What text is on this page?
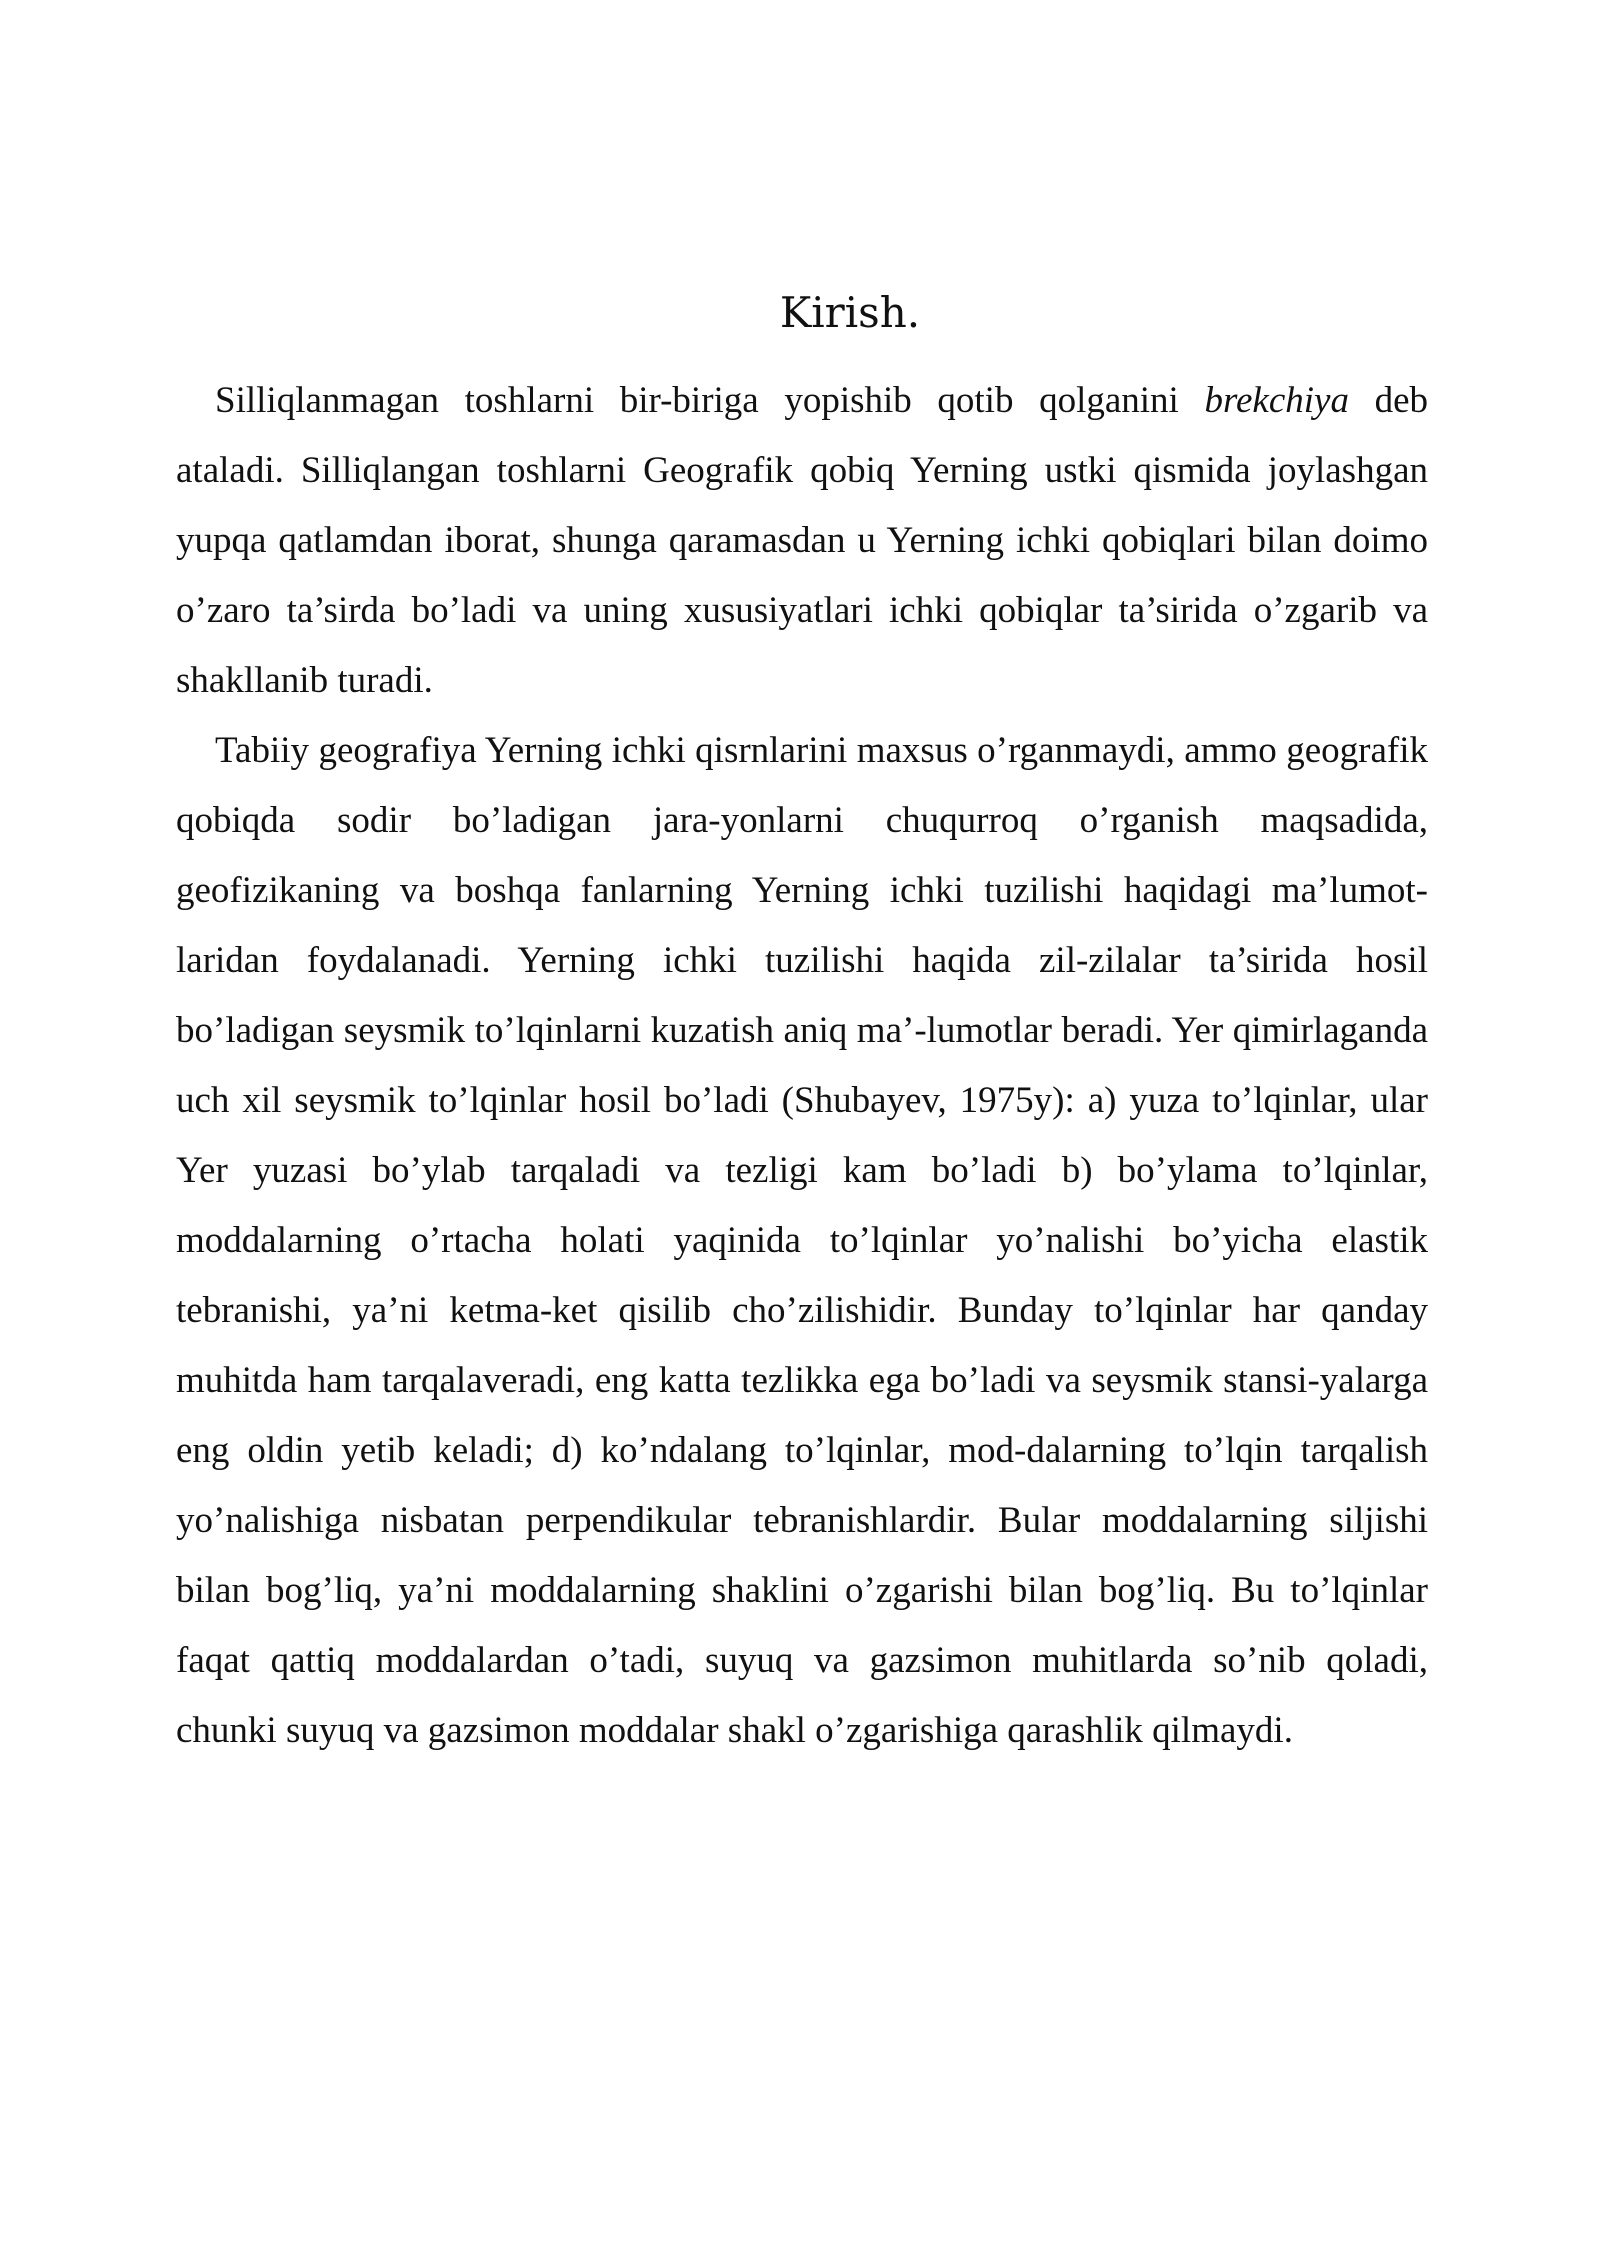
Kirish.

Silliqlanmagan toshlarni bir-biriga yopishib qotib qolganini brekchiya deb ataladi. Silliqlangan toshlarni Geografik qobiq Yerning ustki qismida joylashgan yupqa qatlamdan iborat, shunga qaramasdan u Yerning ichki qobiqlari bilan doimo o’zaro ta’sirda bo’ladi va uning xususiyatlari ichki qobiqlar ta’sirida o’zgarib va shakllanib turadi.

Tabiiy geografiya Yerning ichki qisrnlarini maxsus o’rganmaydi, ammo geografik qobiqda sodir bo’ladigan jara-yonlarni chuqurroq o’rganish maqsadida, geofizikaning va boshqa fanlarning Yerning ichki tuzilishi haqidagi ma’lumot-laridan foydalanadi. Yerning ichki tuzilishi haqida zil-zilalar ta’sirida hosil bo’ladigan seysmik to’lqinlarni kuzatish aniq ma’-lumotlar beradi. Yer qimirlaganda uch xil seysmik to’lqinlar hosil bo’ladi (Shubayev, 1975y): a) yuza to’lqinlar, ular Yer yuzasi bo’ylab tarqaladi va tezligi kam bo’ladi b) bo’ylama to’lqinlar, moddalarning o’rtacha holati yaqinida to’lqinlar yo’nalishi bo’yicha elastik tebranishi, ya’ni ketma-ket qisilib cho’zilishidir. Bunday to’lqinlar har qanday muhitda ham tarqalaveradi, eng katta tezlikka ega bo’ladi va seysmik stansi-yalarga eng oldin yetib keladi; d) ko’ndalang to’lqinlar, mod-dalarning to’lqin tarqalish yo’nalishiga nisbatan perpendikular tebranishlardir. Bular moddalarning siljishi bilan bog’liq, ya’ni moddalarning shaklini o’zgarishi bilan bog’liq. Bu to’lqinlar faqat qattiq moddalardan o’tadi, suyuq va gazsimon muhitlarda so’nib qoladi, chunki suyuq va gazsimon moddalar shakl o’zgarishiga qarashlik qilmaydi.
